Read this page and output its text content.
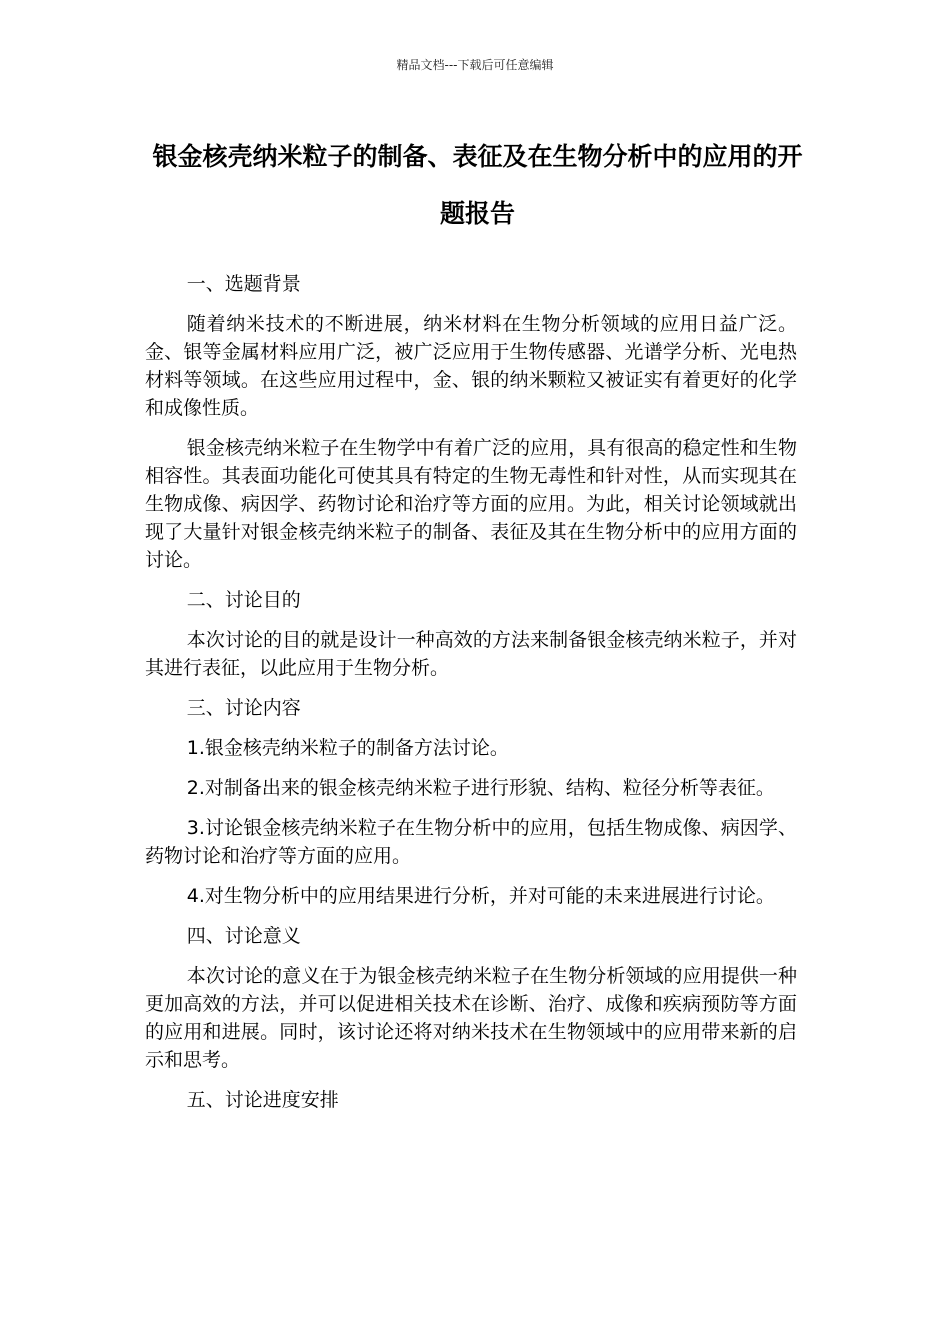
精品文档---下载后可任意编辑
银金核壳纳米粒子的制备、表征及在生物分析中的应用的开题报告

一、选题背景

随着纳米技术的不断进展，纳米材料在生物分析领域的应用日益广泛。金、银等金属材料应用广泛，被广泛应用于生物传感器、光谱学分析、光电热材料等领域。在这些应用过程中，金、银的纳米颗粒又被证实有着更好的化学和成像性质。

银金核壳纳米粒子在生物学中有着广泛的应用，具有很高的稳定性和生物相容性。其表面功能化可使其具有特定的生物无毒性和针对性，从而实现其在生物成像、病因学、药物讨论和治疗等方面的应用。为此，相关讨论领域就出现了大量针对银金核壳纳米粒子的制备、表征及其在生物分析中的应用方面的讨论。

二、讨论目的

本次讨论的目的就是设计一种高效的方法来制备银金核壳纳米粒子，并对其进行表征，以此应用于生物分析。

三、讨论内容

1.银金核壳纳米粒子的制备方法讨论。

2.对制备出来的银金核壳纳米粒子进行形貌、结构、粒径分析等表征。

3.讨论银金核壳纳米粒子在生物分析中的应用，包括生物成像、病因学、药物讨论和治疗等方面的应用。

4.对生物分析中的应用结果进行分析，并对可能的未来进展进行讨论。

四、讨论意义

本次讨论的意义在于为银金核壳纳米粒子在生物分析领域的应用提供一种更加高效的方法，并可以促进相关技术在诊断、治疗、成像和疾病预防等方面的应用和进展。同时，该讨论还将对纳米技术在生物领域中的应用带来新的启示和思考。

五、讨论进度安排
